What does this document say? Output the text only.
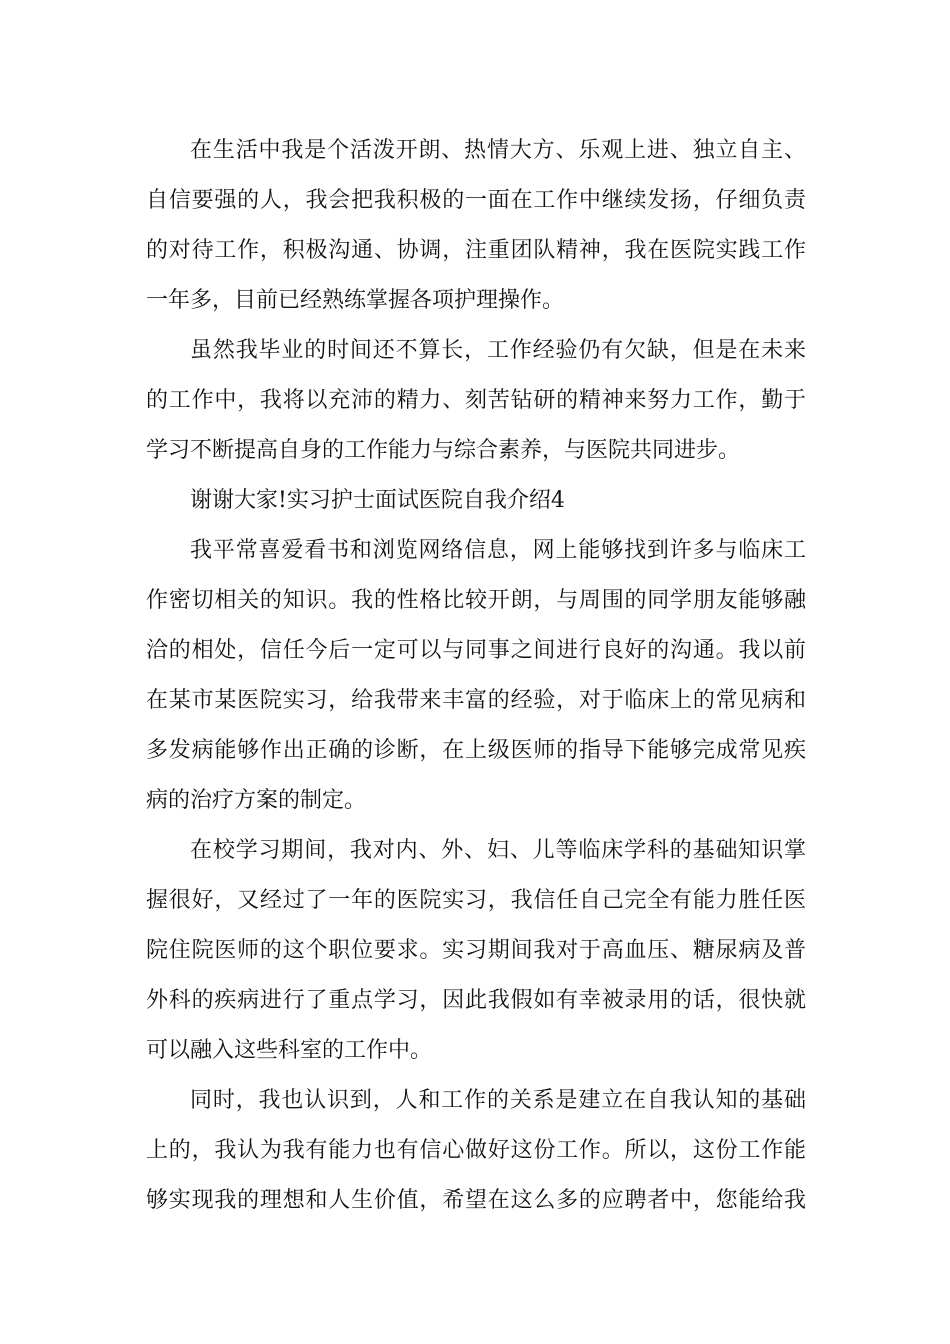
在生活中我是个活泼开朗、热情大方、乐观上进、独立自主、
自信要强的人，我会把我积极的一面在工作中继续发扬，仔细负责
的对待工作，积极沟通、协调，注重团队精神，我在医院实践工作
一年多，目前已经熟练掌握各项护理操作。
虽然我毕业的时间还不算长，工作经验仍有欠缺，但是在未来
的工作中，我将以充沛的精力、刻苦钻研的精神来努力工作，勤于
学习不断提高自身的工作能力与综合素养，与医院共同进步。
谢谢大家!实习护士面试医院自我介绍4
我平常喜爱看书和浏览网络信息，网上能够找到许多与临床工
作密切相关的知识。我的性格比较开朗，与周围的同学朋友能够融
洽的相处，信任今后一定可以与同事之间进行良好的沟通。我以前
在某市某医院实习，给我带来丰富的经验，对于临床上的常见病和
多发病能够作出正确的诊断，在上级医师的指导下能够完成常见疾
病的治疗方案的制定。
在校学习期间，我对内、外、妇、儿等临床学科的基础知识掌
握很好，又经过了一年的医院实习，我信任自己完全有能力胜任医
院住院医师的这个职位要求。实习期间我对于高血压、糖尿病及普
外科的疾病进行了重点学习，因此我假如有幸被录用的话，很快就
可以融入这些科室的工作中。
同时，我也认识到，人和工作的关系是建立在自我认知的基础
上的，我认为我有能力也有信心做好这份工作。所以，这份工作能
够实现我的理想和人生价值，希望在这么多的应聘者中，您能给我
